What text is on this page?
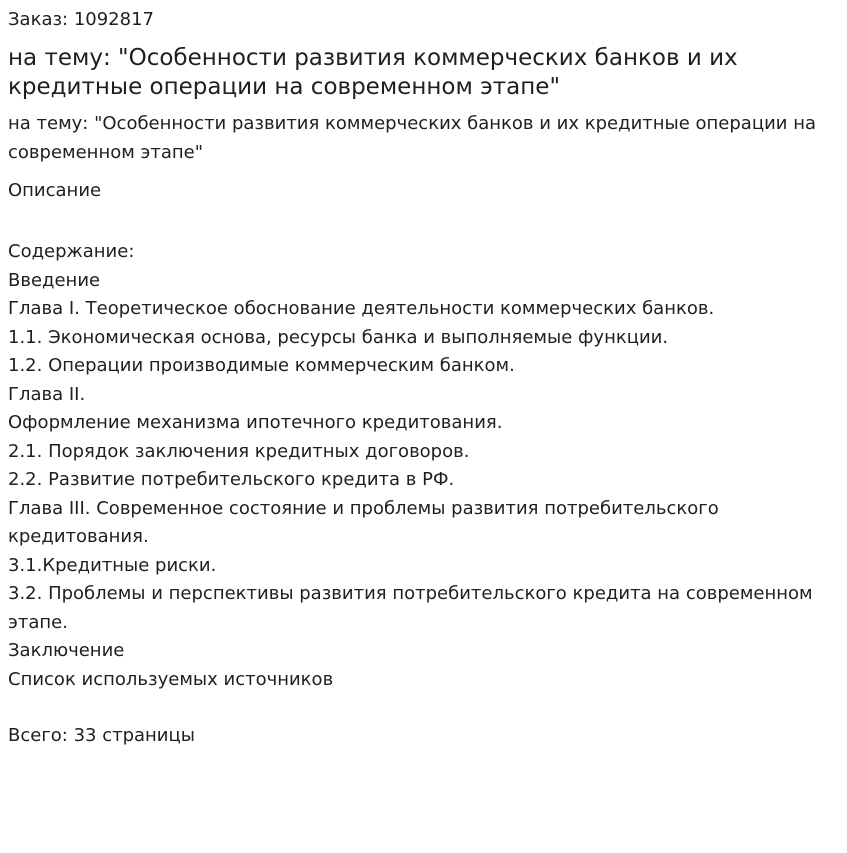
Заказ: 1092817
на тему: "Особенности развития коммерческих банков и их кредитные операции на современном этапе"
на тему: "Особенности развития коммерческих банков и их кредитные операции на современном этапе"
Описание
Содержание:
Введение
Глава I. Теоретическое обоснование деятельности коммерческих банков.
1.1. Экономическая основа, ресурсы банка и выполняемые функции.
1.2. Операции производимые коммерческим банком.
Глава II.
Оформление механизма ипотечного кредитования.
2.1. Порядок заключения кредитных договоров.
2.2. Развитие потребительского кредита в РФ.
Глава III. Современное состояние и проблемы развития потребительского кредитования.
3.1.Кредитные риски.
3.2. Проблемы и перспективы развития потребительского кредита на современном этапе.
Заключение
Список используемых источников
Всего: 33 страницы
